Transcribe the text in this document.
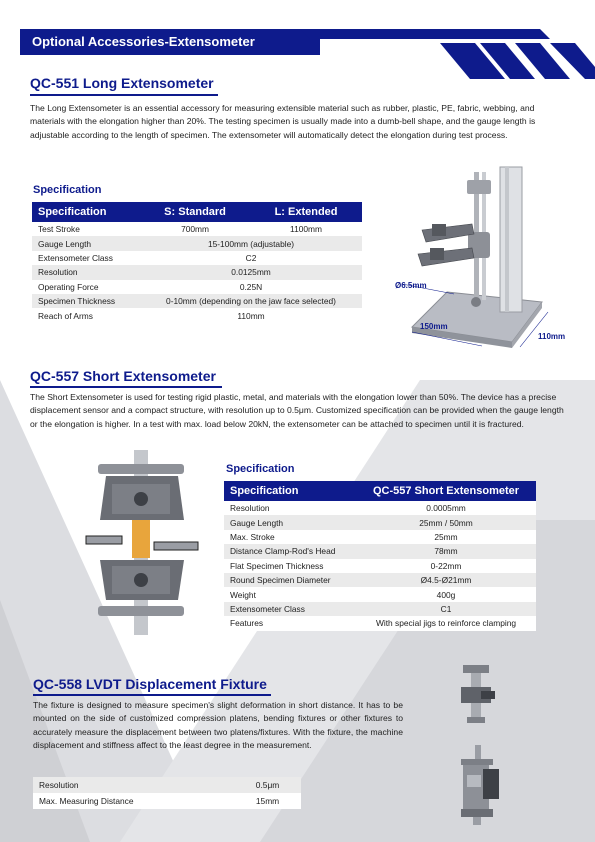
Optional Accessories-Extensometer
QC-551 Long Extensometer
The Long Extensometer is an essential accessory for measuring extensible material such as rubber, plastic, PE, fabric, webbing, and materials with the elongation higher than 20%. The testing specimen is usually made into a dumb-bell shape, and the gauge length is adjustable according to the length of specimen. The extensometer will automatically detect the elongation during test process.
Specification
Specification	S: Standard	L: Extended
Test Stroke	700mm	1100mm
Gauge Length	15-100mm (adjustable)	
Extensometer Class	C2	
Resolution	0.0125mm	
Operating Force	0.25N	
Specimen Thickness	0-10mm (depending on the jaw face selected)	
Reach of Arms	110mm	
Ø6.5mm
150mm
110mm
QC-557 Short Extensometer
The Short Extensometer is used for testing rigid plastic, metal, and materials with the elongation lower than 50%. The device has a precise displacement sensor and a compact structure, with resolution up to 0.5μm. Customized specification can be provided when the gauge length or the elongation is higher. In a test with max. load below 20kN, the extensometer can be attached to specimen until it is fractured.
Specification
Specification	QC-557 Short Extensometer
Resolution	0.0005mm
Gauge Length	25mm / 50mm
Max. Stroke	25mm
Distance Clamp-Rod's Head	78mm
Flat Specimen Thickness	0-22mm
Round Specimen Diameter	Ø4.5-Ø21mm
Weight	400g
Extensometer Class	C1
Features	With special jigs to reinforce clamping
QC-558 LVDT Displacement Fixture
The fixture is designed to measure specimen's slight deformation in short distance. It has to be mounted on the side of customized compression platens, bending fixtures or other fixtures to accurately measure the displacement between two platens/fixtures. With the fixture, the machine displacement and stiffness affect to the least degree in the measurement.
Resolution	0.5μm
Max. Measuring Distance	15mm
